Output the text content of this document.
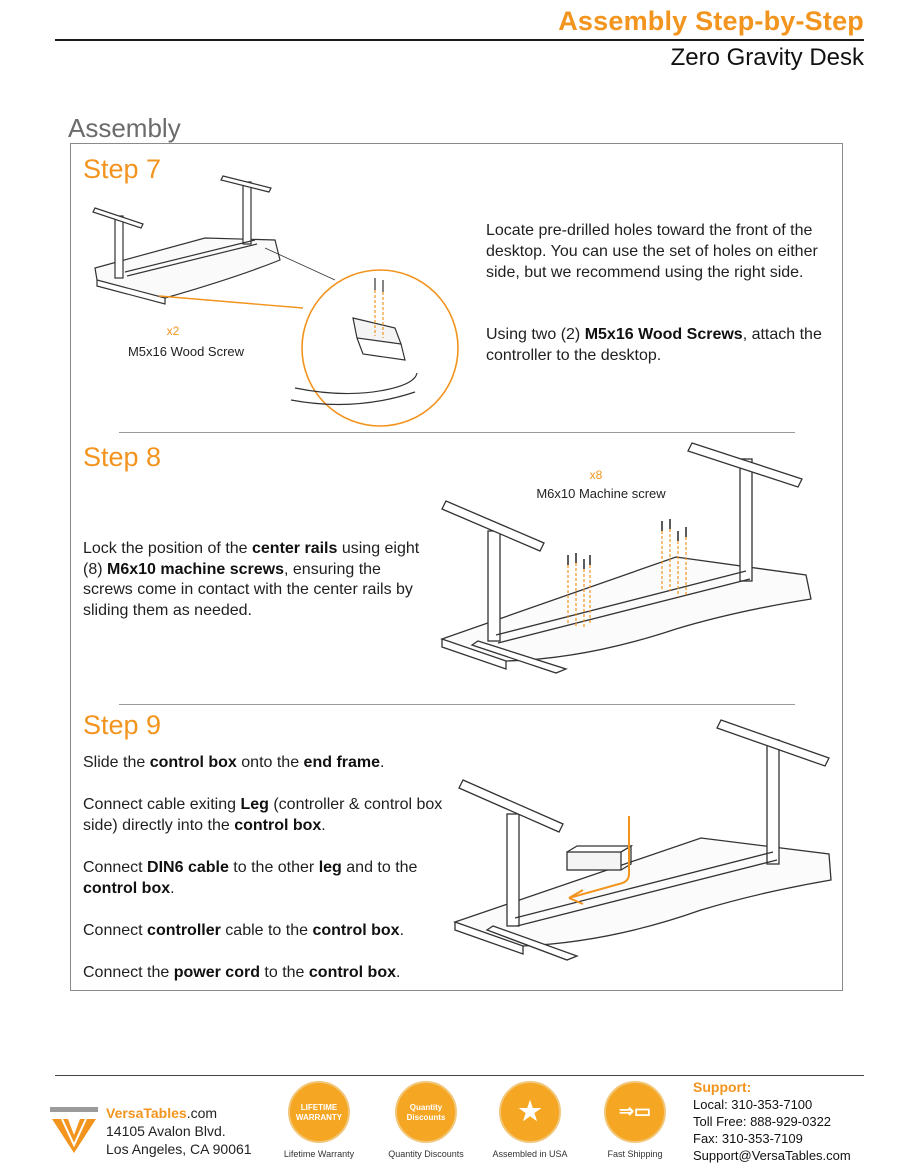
Assembly Step-by-Step
Zero Gravity Desk
Assembly
Step 7
x2
M5x16 Wood Screw
Locate pre-drilled holes toward the front of the desktop. You can use the set of holes on either side, but we recommend using the right side.
Using two (2) M5x16 Wood Screws, attach the controller to the desktop.
Step 8
x8
M6x10 Machine screw
Lock the position of the center rails using eight (8) M6x10 machine screws, ensuring the screws come in contact with the center rails by sliding them as needed.
Step 9
Slide the control box onto the end frame.
Connect cable exiting Leg (controller & control box side) directly into the control box.
Connect DIN6 cable to the other leg and to the control box.
Connect controller cable to the control box.
Connect the power cord to the control box.
VersaTables.com
14105 Avalon Blvd.
Los Angeles, CA 90061
LIFETIME WARRANTY
Lifetime Warranty
Quantity Discounts
Quantity Discounts
★
Assembled in USA
⇒▭
Fast Shipping
Support:
Local: 310-353-7100
Toll Free: 888-929-0322
Fax: 310-353-7109
Support@VersaTables.com
